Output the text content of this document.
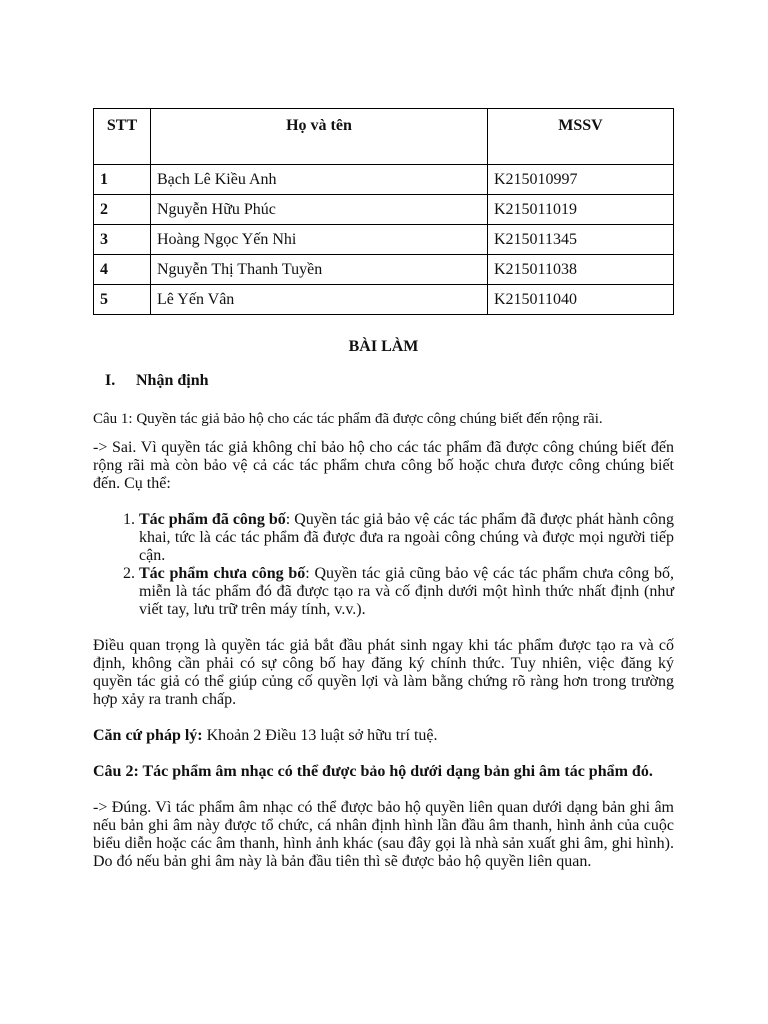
STT	Họ và tên	MSSV
1	Bạch Lê Kiều Anh	K215010997
2	Nguyễn Hữu Phúc	K215011019
3	Hoàng Ngọc Yến Nhi	K215011345
4	Nguyễn Thị Thanh Tuyền	K215011038
5	Lê Yến Vân	K215011040
BÀI LÀM
I.	Nhận định
Câu 1: Quyền tác giả bảo hộ cho các tác phẩm đã được công chúng biết đến rộng rãi.

-> Sai. Vì quyền tác giả không chỉ bảo hộ cho các tác phẩm đã được công chúng biết đến rộng rãi mà còn bảo vệ cả các tác phẩm chưa công bố hoặc chưa được công chúng biết đến. Cụ thể:

1. Tác phẩm đã công bố: Quyền tác giả bảo vệ các tác phẩm đã được phát hành công khai, tức là các tác phẩm đã được đưa ra ngoài công chúng và được mọi người tiếp cận.
2. Tác phẩm chưa công bố: Quyền tác giả cũng bảo vệ các tác phẩm chưa công bố, miễn là tác phẩm đó đã được tạo ra và cố định dưới một hình thức nhất định (như viết tay, lưu trữ trên máy tính, v.v.).

Điều quan trọng là quyền tác giả bắt đầu phát sinh ngay khi tác phẩm được tạo ra và cố định, không cần phải có sự công bố hay đăng ký chính thức. Tuy nhiên, việc đăng ký quyền tác giả có thể giúp củng cố quyền lợi và làm bằng chứng rõ ràng hơn trong trường hợp xảy ra tranh chấp.

Căn cứ pháp lý: Khoản 2 Điều 13 luật sở hữu trí tuệ.

Câu 2: Tác phẩm âm nhạc có thể được bảo hộ dưới dạng bản ghi âm tác phẩm đó.

-> Đúng. Vì tác phẩm âm nhạc có thể được bảo hộ quyền liên quan dưới dạng bản ghi âm nếu bản ghi âm này được tổ chức, cá nhân định hình lần đầu âm thanh, hình ảnh của cuộc biểu diễn hoặc các âm thanh, hình ảnh khác (sau đây gọi là nhà sản xuất ghi âm, ghi hình). Do đó nếu bản ghi âm này là bản đầu tiên thì sẽ được bảo hộ quyền liên quan.
